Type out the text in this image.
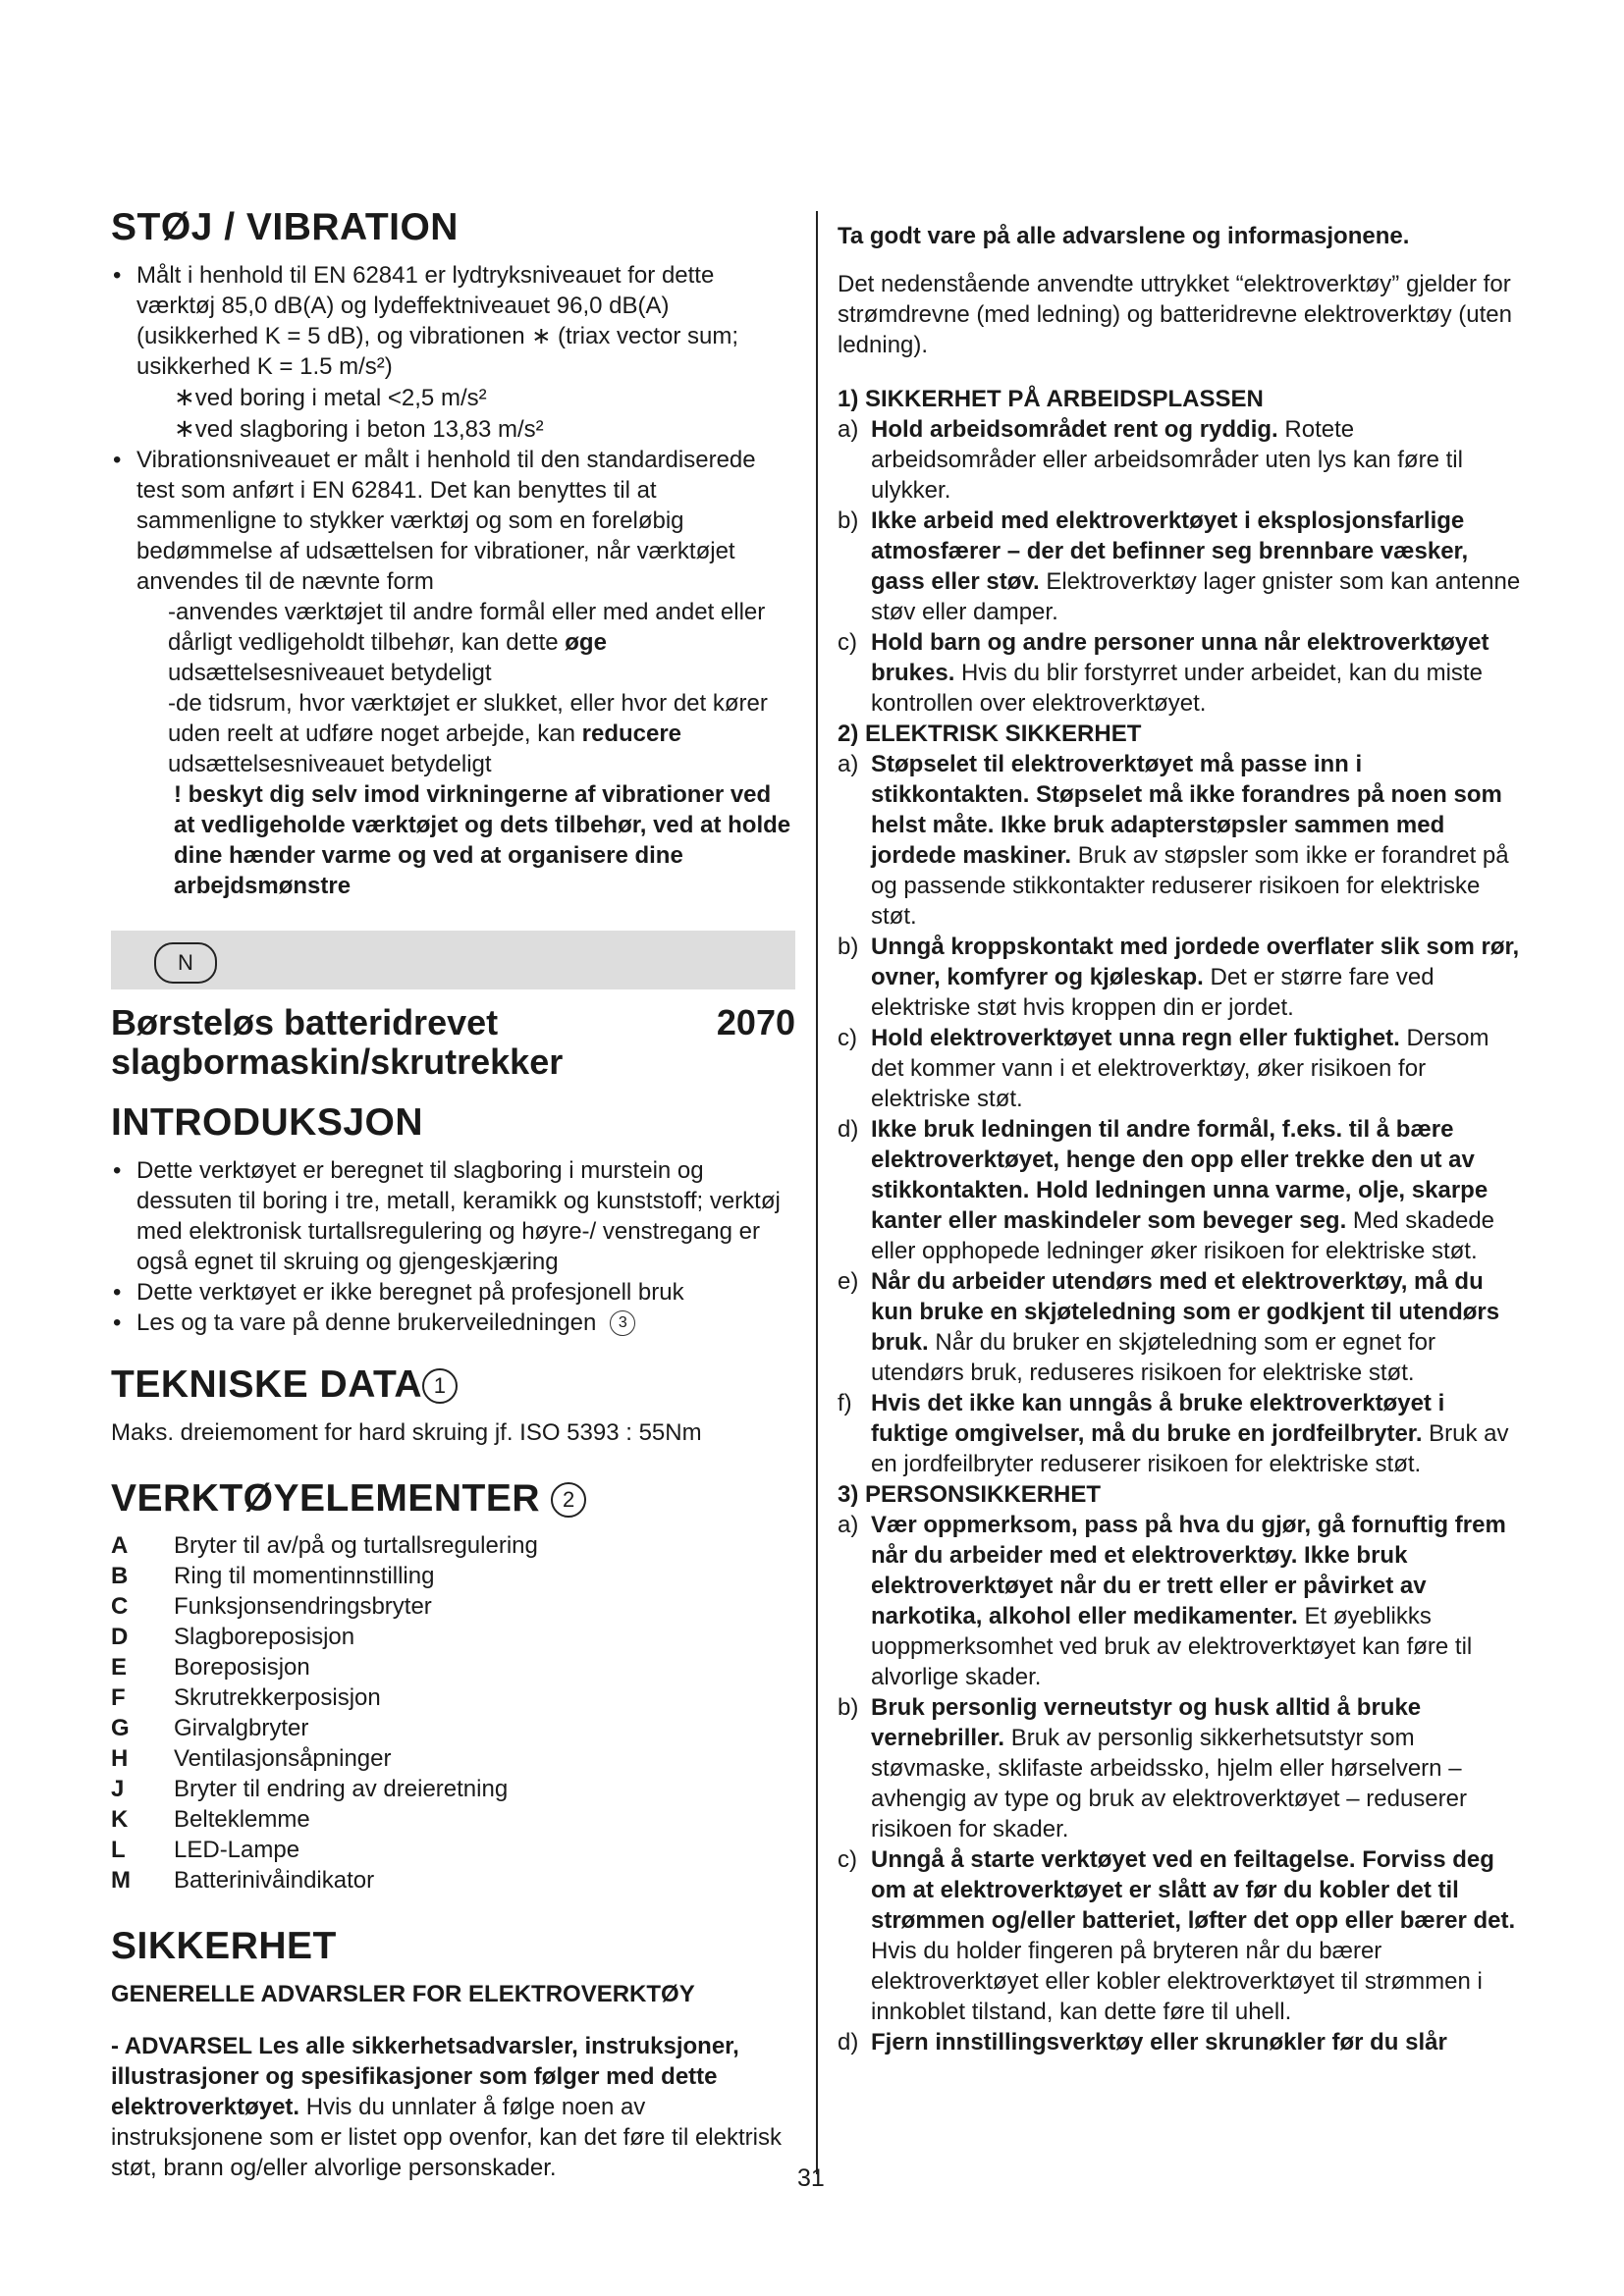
STØJ / VIBRATION
• Målt i henhold til EN 62841 er lydtryksniveauet for dette værktøj 85,0 dB(A) og lydeffektniveauet 96,0 dB(A) (usikkerhed K = 5 dB), og vibrationen ∗ (triax vector sum; usikkerhed K = 1.5 m/s²)
∗ved boring i metal <2,5 m/s²
∗ved slagboring i beton 13,83 m/s²
• Vibrationsniveauet er målt i henhold til den standardiserede test som anført i EN 62841. Det kan benyttes til at sammenligne to stykker værktøj og som en foreløbig bedømmelse af udsættelsen for vibrationer, når værktøjet anvendes til de nævnte form
-anvendes værktøjet til andre formål eller med andet eller dårligt vedligeholdt tilbehør, kan dette øge udsættelsesniveauet betydeligt
-de tidsrum, hvor værktøjet er slukket, eller hvor det kører uden reelt at udføre noget arbejde, kan reducere udsættelsesniveauet betydeligt
! beskyt dig selv imod virkningerne af vibrationer ved at vedligeholde værktøjet og dets tilbehør, ved at holde dine hænder varme og ved at organisere dine arbejdsmønstre
N
Børsteløs batteridrevet	2070
slagbormaskin/skrutrekker
INTRODUKSJON
• Dette verktøyet er beregnet til slagboring i murstein og dessuten til boring i tre, metall, keramikk og kunststoff; verktøj med elektronisk turtallsregulering og høyre-/ venstregang er også egnet til skruing og gjengeskjæring
• Dette verktøyet er ikke beregnet på profesjonell bruk
• Les og ta vare på denne brukerveiledningen 3
TEKNISKE DATA 1
Maks. dreiemoment for hard skruing jf. ISO 5393 : 55Nm
VERKTØYELEMENTER 2
A	Bryter til av/på og turtallsregulering
B	Ring til momentinnstilling
C	Funksjonsendringsbryter
D	Slagboreposisjon
E	Boreposisjon
F	Skrutrekkerposisjon
G	Girvalgbryter
H	Ventilasjonsåpninger
J	Bryter til endring av dreieretning
K	Belteklemme
L	LED-Lampe
M	Batterinivåindikator
SIKKERHET
GENERELLE ADVARSLER FOR ELEKTROVERKTØY
- ADVARSEL Les alle sikkerhetsadvarsler, instruksjoner, illustrasjoner og spesifikasjoner som følger med dette elektroverktøyet. Hvis du unnlater å følge noen av instruksjonene som er listet opp ovenfor, kan det føre til elektrisk støt, brann og/eller alvorlige personskader.
Ta godt vare på alle advarslene og informasjonene.
Det nedenstående anvendte uttrykket “elektroverktøy” gjelder for strømdrevne (med ledning) og batteridrevne elektroverktøy (uten ledning).
1) SIKKERHET PÅ ARBEIDSPLASSEN
a) Hold arbeidsområdet rent og ryddig. Rotete arbeidsområder eller arbeidsområder uten lys kan føre til ulykker.
b) Ikke arbeid med elektroverktøyet i eksplosjonsfarlige atmosfærer – der det befinner seg brennbare væsker, gass eller støv. Elektroverktøy lager gnister som kan antenne støv eller damper.
c) Hold barn og andre personer unna når elektroverktøyet brukes. Hvis du blir forstyrret under arbeidet, kan du miste kontrollen over elektroverktøyet.
2) ELEKTRISK SIKKERHET
a) Støpselet til elektroverktøyet må passe inn i stikkontakten. Støpselet må ikke forandres på noen som helst måte. Ikke bruk adapterstøpsler sammen med jordede maskiner. Bruk av støpsler som ikke er forandret på og passende stikkontakter reduserer risikoen for elektriske støt.
b) Unngå kroppskontakt med jordede overflater slik som rør, ovner, komfyrer og kjøleskap. Det er større fare ved elektriske støt hvis kroppen din er jordet.
c) Hold elektroverktøyet unna regn eller fuktighet. Dersom det kommer vann i et elektroverktøy, øker risikoen for elektriske støt.
d) Ikke bruk ledningen til andre formål, f.eks. til å bære elektroverktøyet, henge den opp eller trekke den ut av stikkontakten. Hold ledningen unna varme, olje, skarpe kanter eller maskindeler som beveger seg. Med skadede eller opphopede ledninger øker risikoen for elektriske støt.
e) Når du arbeider utendørs med et elektroverktøy, må du kun bruke en skjøteledning som er godkjent til utendørs bruk. Når du bruker en skjøteledning som er egnet for utendørs bruk, reduseres risikoen for elektriske støt.
f) Hvis det ikke kan unngås å bruke elektroverktøyet i fuktige omgivelser, må du bruke en jordfeilbryter. Bruk av en jordfeilbryter reduserer risikoen for elektriske støt.
3) PERSONSIKKERHET
a) Vær oppmerksom, pass på hva du gjør, gå fornuftig frem når du arbeider med et elektroverktøy. Ikke bruk elektroverktøyet når du er trett eller er påvirket av narkotika, alkohol eller medikamenter. Et øyeblikks uoppmerksomhet ved bruk av elektroverktøyet kan føre til alvorlige skader.
b) Bruk personlig verneutstyr og husk alltid å bruke vernebriller. Bruk av personlig sikkerhetsutstyr som støvmaske, sklifaste arbeidssko, hjelm eller hørselvern – avhengig av type og bruk av elektroverktøyet – reduserer risikoen for skader.
c) Unngå å starte verktøyet ved en feiltagelse. Forviss deg om at elektroverktøyet er slått av før du kobler det til strømmen og/eller batteriet, løfter det opp eller bærer det. Hvis du holder fingeren på bryteren når du bærer elektroverktøyet eller kobler elektroverktøyet til strømmen i innkoblet tilstand, kan dette føre til uhell.
d) Fjern innstillingsverktøy eller skrunøkler før du slår
31
